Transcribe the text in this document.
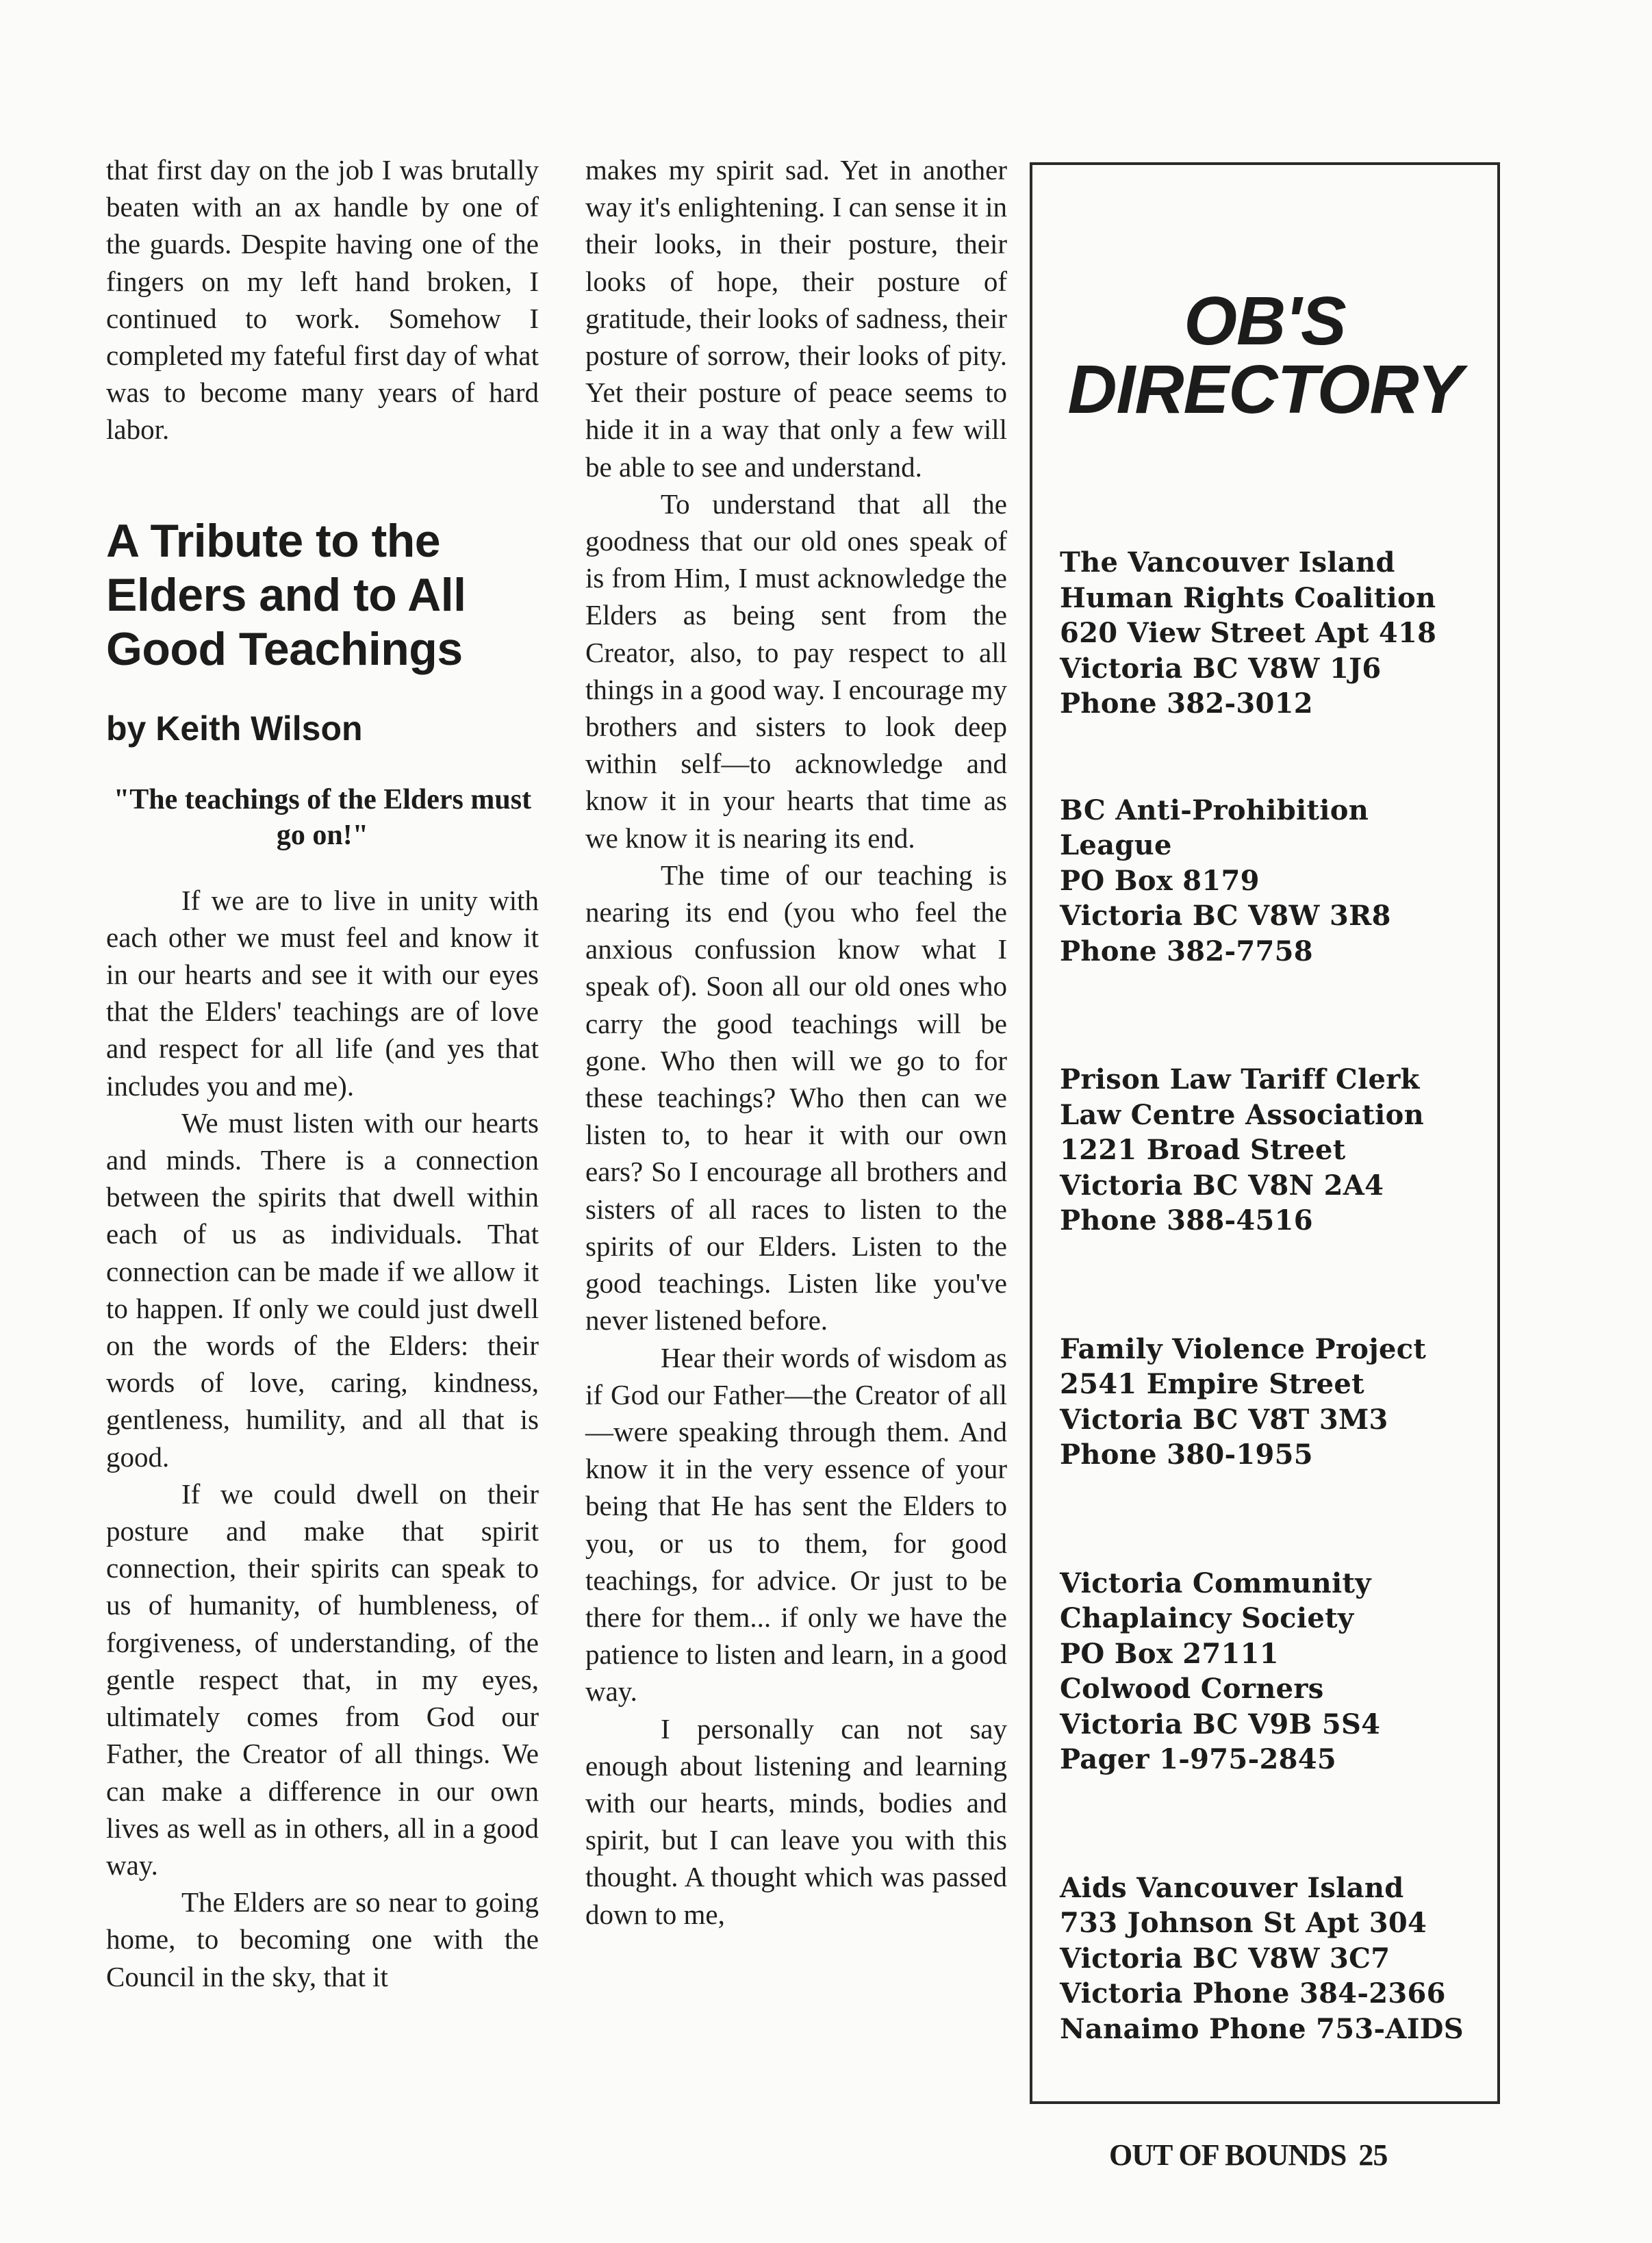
that first day on the job I was brutally beaten with an ax handle by one of the guards. Despite having one of the fingers on my left hand broken, I continued to work. Somehow I completed my fateful first day of what was to become many years of hard labor.

A Tribute to the Elders and to All Good Teachings
by Keith Wilson
"The teachings of the Elders must go on!"

If we are to live in unity with each other we must feel and know it in our hearts and see it with our eyes that the Elders' teachings are of love and respect for all life (and yes that includes you and me).

We must listen with our hearts and minds. There is a connection between the spirits that dwell within each of us as individuals. That connection can be made if we allow it to happen. If only we could just dwell on the words of the Elders: their words of love, caring, kindness, gentleness, humility, and all that is good.

If we could dwell on their posture and make that spirit connection, their spirits can speak to us of humanity, of humbleness, of forgiveness, of understanding, of the gentle respect that, in my eyes, ultimately comes from God our Father, the Creator of all things. We can make a difference in our own lives as well as in others, all in a good way.

The Elders are so near to going home, to becoming one with the Council in the sky, that it

makes my spirit sad. Yet in another way it's enlightening. I can sense it in their looks, in their posture, their looks of hope, their posture of gratitude, their looks of sadness, their posture of sorrow, their looks of pity. Yet their posture of peace seems to hide it in a way that only a few will be able to see and understand.

To understand that all the goodness that our old ones speak of is from Him, I must acknowledge the Elders as being sent from the Creator, also, to pay respect to all things in a good way. I encourage my brothers and sisters to look deep within self—to acknowledge and know it in your hearts that time as we know it is nearing its end.

The time of our teaching is nearing its end (you who feel the anxious confussion know what I speak of). Soon all our old ones who carry the good teachings will be gone. Who then will we go to for these teachings? Who then can we listen to, to hear it with our own ears? So I encourage all brothers and sisters of all races to listen to the spirits of our Elders. Listen to the good teachings. Listen like you've never listened before.

Hear their words of wisdom as if God our Father—the Creator of all—were speaking through them. And know it in the very essence of your being that He has sent the Elders to you, or us to them, for good teachings, for advice. Or just to be there for them... if only we have the patience to listen and learn, in a good way.

I personally can not say enough about listening and learning with our hearts, minds, bodies and spirit, but I can leave you with this thought. A thought which was passed down to me,

OB'S
DIRECTORY
The Vancouver Island
Human Rights Coalition
620 View Street Apt 418
Victoria BC V8W 1J6
Phone 382-3012
BC Anti-Prohibition
League
PO Box 8179
Victoria BC V8W 3R8
Phone 382-7758
Prison Law Tariff Clerk
Law Centre Association
1221 Broad Street
Victoria BC V8N 2A4
Phone 388-4516
Family Violence Project
2541 Empire Street
Victoria BC V8T 3M3
Phone 380-1955
Victoria Community
Chaplaincy Society
PO Box 27111
Colwood Corners
Victoria BC V9B 5S4
Pager 1-975-2845
Aids Vancouver Island
733 Johnson St Apt 304
Victoria BC V8W 3C7
Victoria Phone 384-2366
Nanaimo Phone 753-AIDS
OUT OF BOUNDS 25
